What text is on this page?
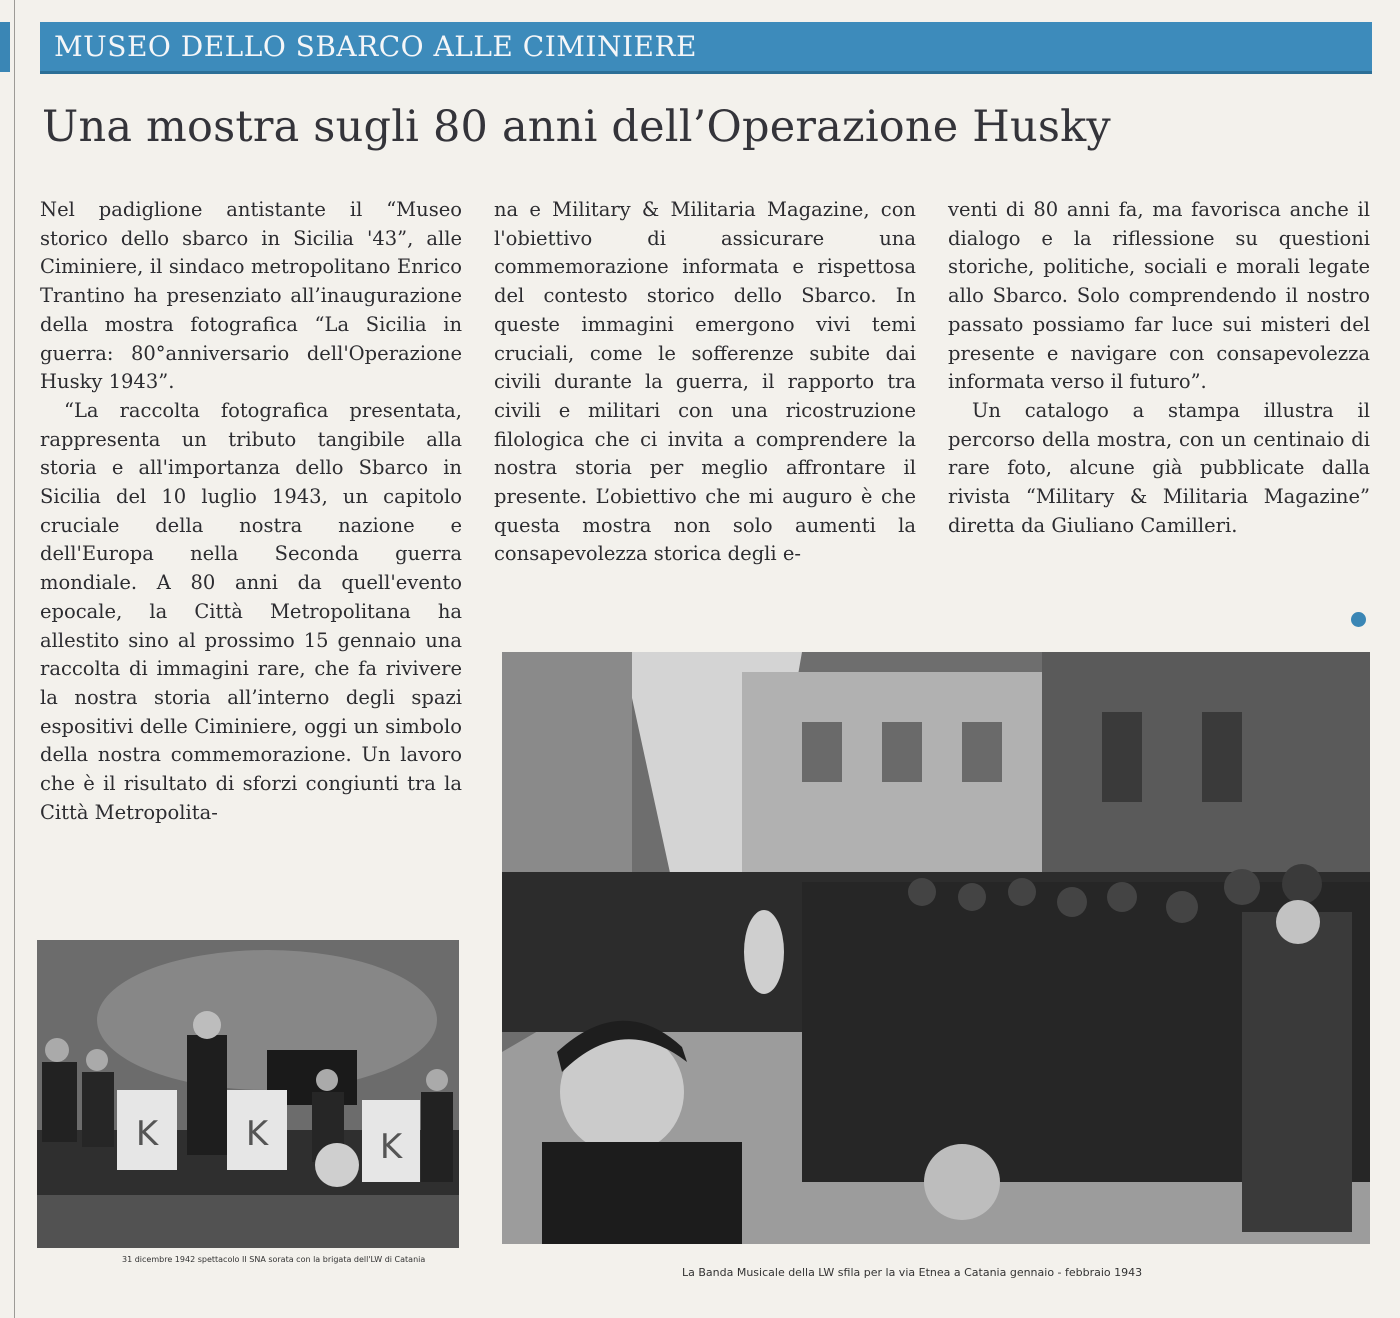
MUSEO DELLO SBARCO ALLE CIMINIERE
Una mostra sugli 80 anni dell’Operazione Husky

Nel padiglione antistante il “Museo storico dello sbarco in Sicilia '43”, alle Ciminiere, il sindaco metropolitano Enrico Trantino ha presenziato all’inaugurazione della mostra fotografica “La Sicilia in guerra: 80°anniversario dell'Operazione Husky 1943”.

“La raccolta fotografica presentata, rappresenta un tributo tangibile alla storia e all'importanza dello Sbarco in Sicilia del 10 luglio 1943, un capitolo cruciale della nostra nazione e dell'Europa nella Seconda guerra mondiale. A 80 anni da quell'evento epocale, la Città Metropolitana ha allestito sino al prossimo 15 gennaio una raccolta di immagini rare, che fa rivivere la nostra storia all’interno degli spazi espositivi delle Ciminiere, oggi un simbolo della nostra commemorazione. Un lavoro che è il risultato di sforzi congiunti tra la Città Metropolita-

na e Military & Militaria Magazine, con l'obiettivo di assicurare una commemorazione informata e rispettosa del contesto storico dello Sbarco. In queste immagini emergono vivi temi cruciali, come le sofferenze subite dai civili durante la guerra, il rapporto tra civili e militari con una ricostruzione filologica che ci invita a comprendere la nostra storia per meglio affrontare il presente. L’obiettivo che mi auguro è che questa mostra non solo aumenti la consapevolezza storica degli e-

venti di 80 anni fa, ma favorisca anche il dialogo e la riflessione su questioni storiche, politiche, sociali e morali legate allo Sbarco. Solo comprendendo il nostro passato possiamo far luce sui misteri del presente e navigare con consapevolezza informata verso il futuro”.

Un catalogo a stampa illustra il percorso della mostra, con un centinaio di rare foto, alcune già pubblicate dalla rivista “Military & Militaria Magazine” diretta da Giuliano Camilleri.

K	K	K
31 dicembre 1942 spettacolo II SNA sorata con la brigata dell'LW di Catania
La Banda Musicale della LW sfila per la via Etnea a Catania gennaio - febbraio 1943
